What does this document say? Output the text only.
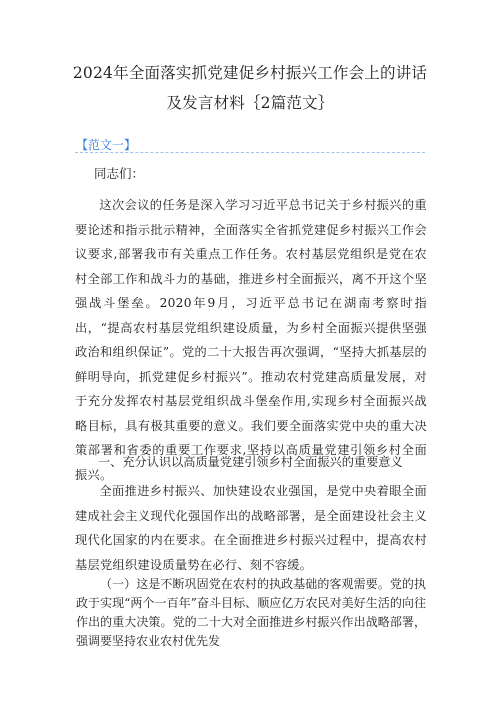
2024年全面落实抓党建促乡村振兴工作会上的讲话
及发言材料｛2篇范文｝
【范文一】
同志们：

这次会议的任务是深入学习习近平总书记关于乡村振兴的重要论述和指示批示精神，全面落实全省抓党建促乡村振兴工作会议要求,部署我市有关重点工作任务。农村基层党组织是党在农村全部工作和战斗力的基础，推进乡村全面振兴，离不开这个坚强战斗堡垒。2020年9月，习近平总书记在湖南考察时指出，“提高农村基层党组织建设质量，为乡村全面振兴提供坚强政治和组织保证”。党的二十大报告再次强调，“坚持大抓基层的鲜明导向，抓党建促乡村振兴”。推动农村党建高质量发展，对于充分发挥农村基层党组织战斗堡垒作用,实现乡村全面振兴战略目标，具有极其重要的意义。我们要全面落实党中央的重大决策部署和省委的重要工作要求,坚持以高质量党建引领乡村全面振兴。

一、充分认识以高质量党建引领乡村全面振兴的重要意义

全面推进乡村振兴、加快建设农业强国，是党中央着眼全面建成社会主义现代化强国作出的战略部署，是全面建设社会主义现代化国家的内在要求。在全面推进乡村振兴过程中，提高农村基层党组织建设质量势在必行、刻不容缓。

（一）这是不断巩固党在农村的执政基础的客观需要。党的执政于实现“两个一百年”奋斗目标、顺应亿万农民对美好生活的向往作出的重大决策。党的二十大对全面推进乡村振兴作出战略部署，强调要坚持农业农村优先发
